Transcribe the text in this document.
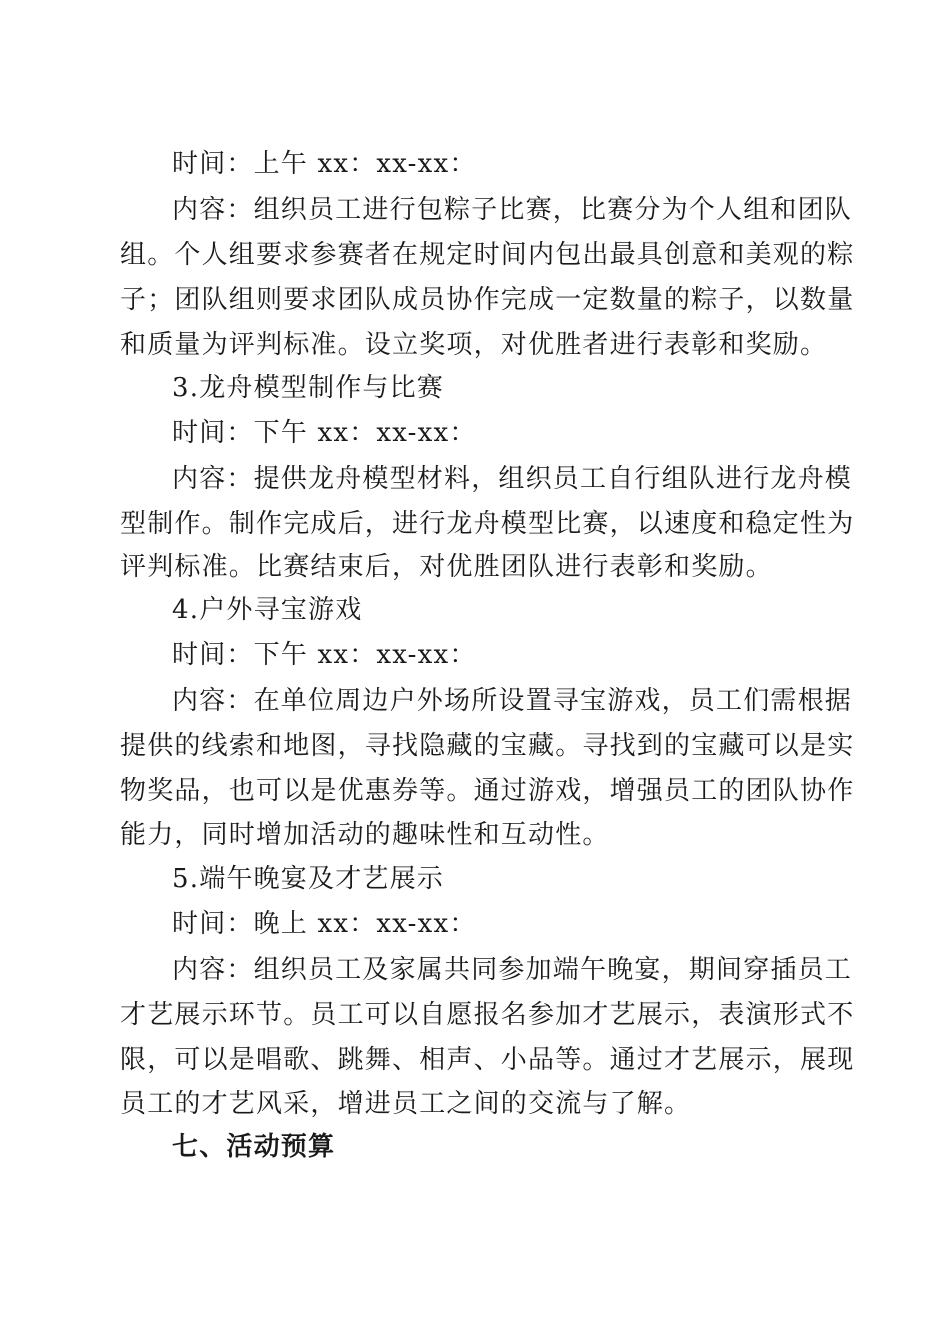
时间：上午 xx：xx-xx：
内容：组织员工进行包粽子比赛，比赛分为个人组和团队
组。个人组要求参赛者在规定时间内包出最具创意和美观的粽
子；团队组则要求团队成员协作完成一定数量的粽子，以数量
和质量为评判标准。设立奖项，对优胜者进行表彰和奖励。
3.龙舟模型制作与比赛
时间：下午 xx：xx-xx：
内容：提供龙舟模型材料，组织员工自行组队进行龙舟模
型制作。制作完成后，进行龙舟模型比赛，以速度和稳定性为
评判标准。比赛结束后，对优胜团队进行表彰和奖励。
4.户外寻宝游戏
时间：下午 xx：xx-xx：
内容：在单位周边户外场所设置寻宝游戏，员工们需根据
提供的线索和地图，寻找隐藏的宝藏。寻找到的宝藏可以是实
物奖品，也可以是优惠券等。通过游戏，增强员工的团队协作
能力，同时增加活动的趣味性和互动性。
5.端午晚宴及才艺展示
时间：晚上 xx：xx-xx：
内容：组织员工及家属共同参加端午晚宴，期间穿插员工
才艺展示环节。员工可以自愿报名参加才艺展示，表演形式不
限，可以是唱歌、跳舞、相声、小品等。通过才艺展示，展现
员工的才艺风采，增进员工之间的交流与了解。
七、活动预算
